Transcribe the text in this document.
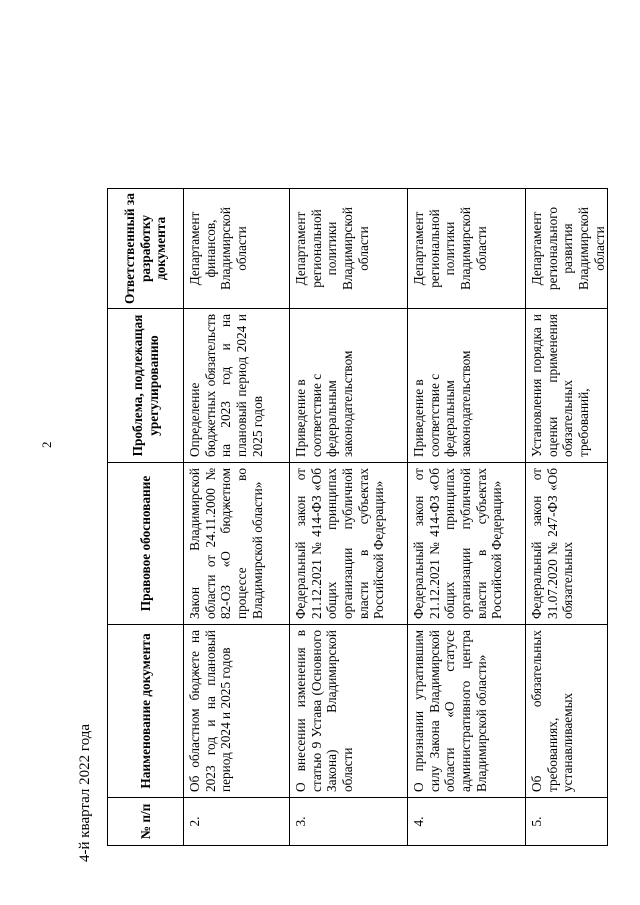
2
4-й квартал 2022 года	№ п/п	Наименование документа	Правовое обоснование	Проблема, подлежащая урегулированию	Ответственный за разработку документа
2.	Об областном бюджете на 2023 год и на плановый период 2024 и 2025 годов	Закон Владимирской области от 24.11.2000 № 82-ОЗ «О бюджетном процессе во Владимирской области»	Определение бюджетных обязательств на 2023 год и на плановый период 2024 и 2025 годов	Департамент финансов, Владимирской области
3.	О внесении изменения в статью 9 Устава (Основного Закона) Владимирской области	Федеральный закон от 21.12.2021 № 414-ФЗ «Об общих принципах организации публичной власти в субъектах Российской Федерации»	Приведение в соответствие с федеральным законодательством	Департамент региональной политики Владимирской области
4.	О признании утратившим силу Закона Владимирской области «О статусе административного центра Владимирской области»	Федеральный закон от 21.12.2021 № 414-ФЗ «Об общих принципах организации публичной власти в субъектах Российской Федерации»	Приведение в соответствие с федеральным законодательством	Департамент региональной политики Владимирской области
5.	Об обязательных требованиях, устанавливаемых	Федеральный закон от 31.07.2020 № 247-ФЗ «Об обязательных	Установления порядка и оценки применения обязательных требований,	Департамент регионального развития Владимирской области
